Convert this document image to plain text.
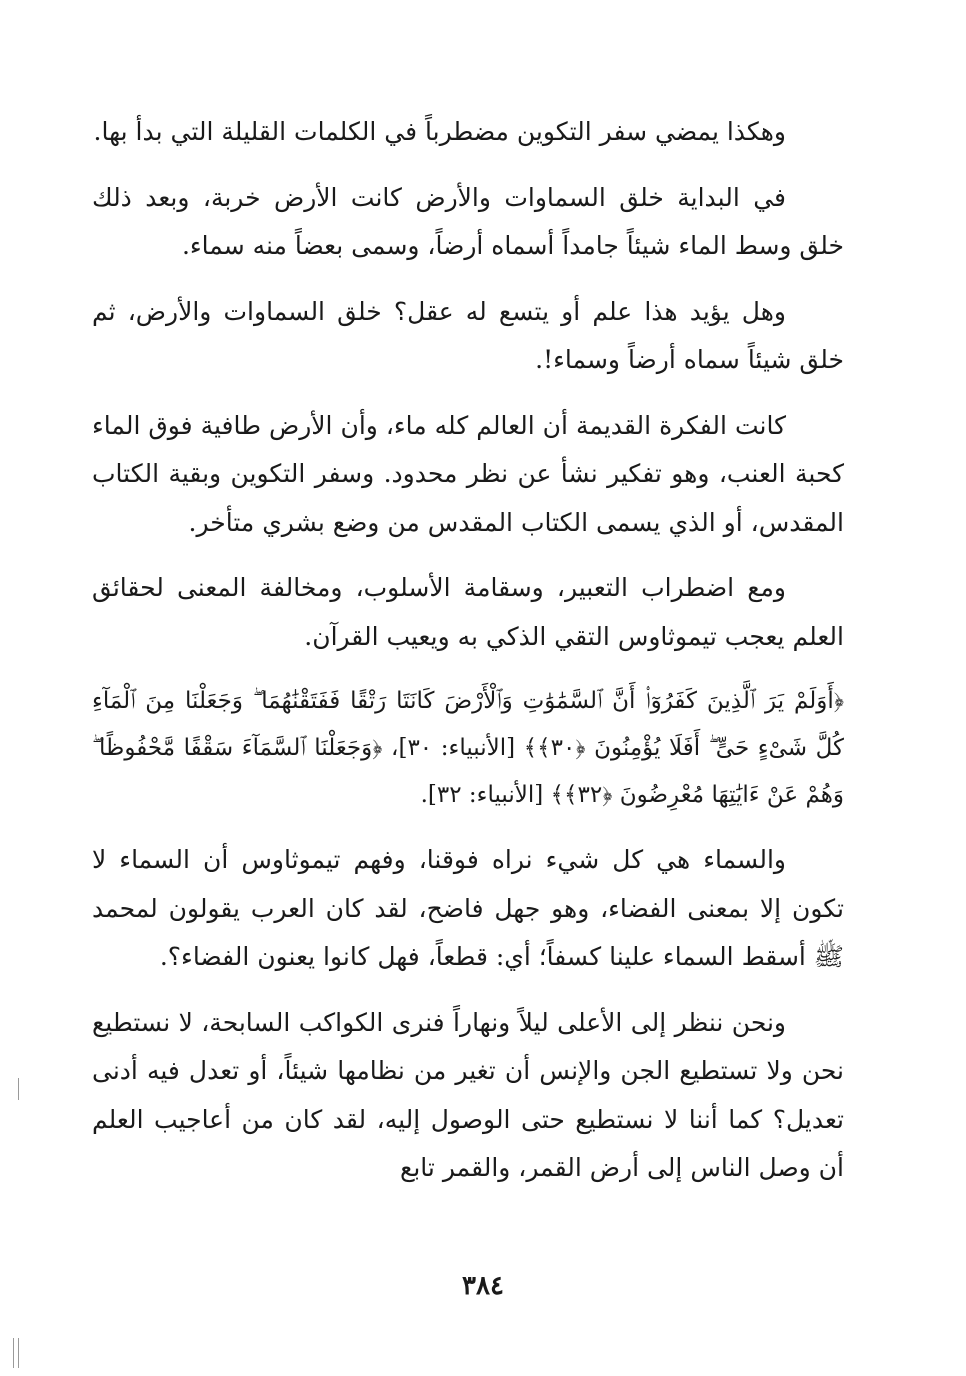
وهكذا يمضي سفر التكوين مضطرباً في الكلمات القليلة التي بدأ بها.

في البداية خلق السماوات والأرض كانت الأرض خربة، وبعد ذلك خلق وسط الماء شيئاً جامداً أسماه أرضاً، وسمى بعضاً منه سماء.

وهل يؤيد هذا علم أو يتسع له عقل؟ خلق السماوات والأرض، ثم خلق شيئاً سماه أرضاً وسماء!.

كانت الفكرة القديمة أن العالم كله ماء، وأن الأرض طافية فوق الماء كحبة العنب، وهو تفكير نشأ عن نظر محدود. وسفر التكوين وبقية الكتاب المقدس، أو الذي يسمى الكتاب المقدس من وضع بشري متأخر.

ومع اضطراب التعبير، وسقامة الأسلوب، ومخالفة المعنى لحقائق العلم يعجب تيموثاوس التقي الذكي به ويعيب القرآن.

﴿أَوَلَمْ يَرَ ٱلَّذِينَ كَفَرُوٓا۟ أَنَّ ٱلسَّمَٰوَٰتِ وَٱلْأَرْضَ كَانَتَا رَتْقًا فَفَتَقْنَٰهُمَا ۖ وَجَعَلْنَا مِنَ ٱلْمَآءِ كُلَّ شَىْءٍ حَىٍّ ۖ أَفَلَا يُؤْمِنُونَ ﴿٣٠﴾﴾ [الأنبياء: ٣٠]، ﴿وَجَعَلْنَا ٱلسَّمَآءَ سَقْفًا مَّحْفُوظًا ۖ وَهُمْ عَنْ ءَايَٰتِهَا مُعْرِضُونَ ﴿٣٢﴾﴾ [الأنبياء: ٣٢].

والسماء هي كل شيء نراه فوقنا، وفهم تيموثاوس أن السماء لا تكون إلا بمعنى الفضاء، وهو جهل فاضح، لقد كان العرب يقولون لمحمد ﷺ أسقط السماء علينا كسفاً؛ أي: قطعاً، فهل كانوا يعنون الفضاء؟.

ونحن ننظر إلى الأعلى ليلاً ونهاراً فنرى الكواكب السابحة، لا نستطيع نحن ولا تستطيع الجن والإنس أن تغير من نظامها شيئاً، أو تعدل فيه أدنى تعديل؟ كما أننا لا نستطيع حتى الوصول إليه، لقد كان من أعاجيب العلم أن وصل الناس إلى أرض القمر، والقمر تابع

٣٨٤
